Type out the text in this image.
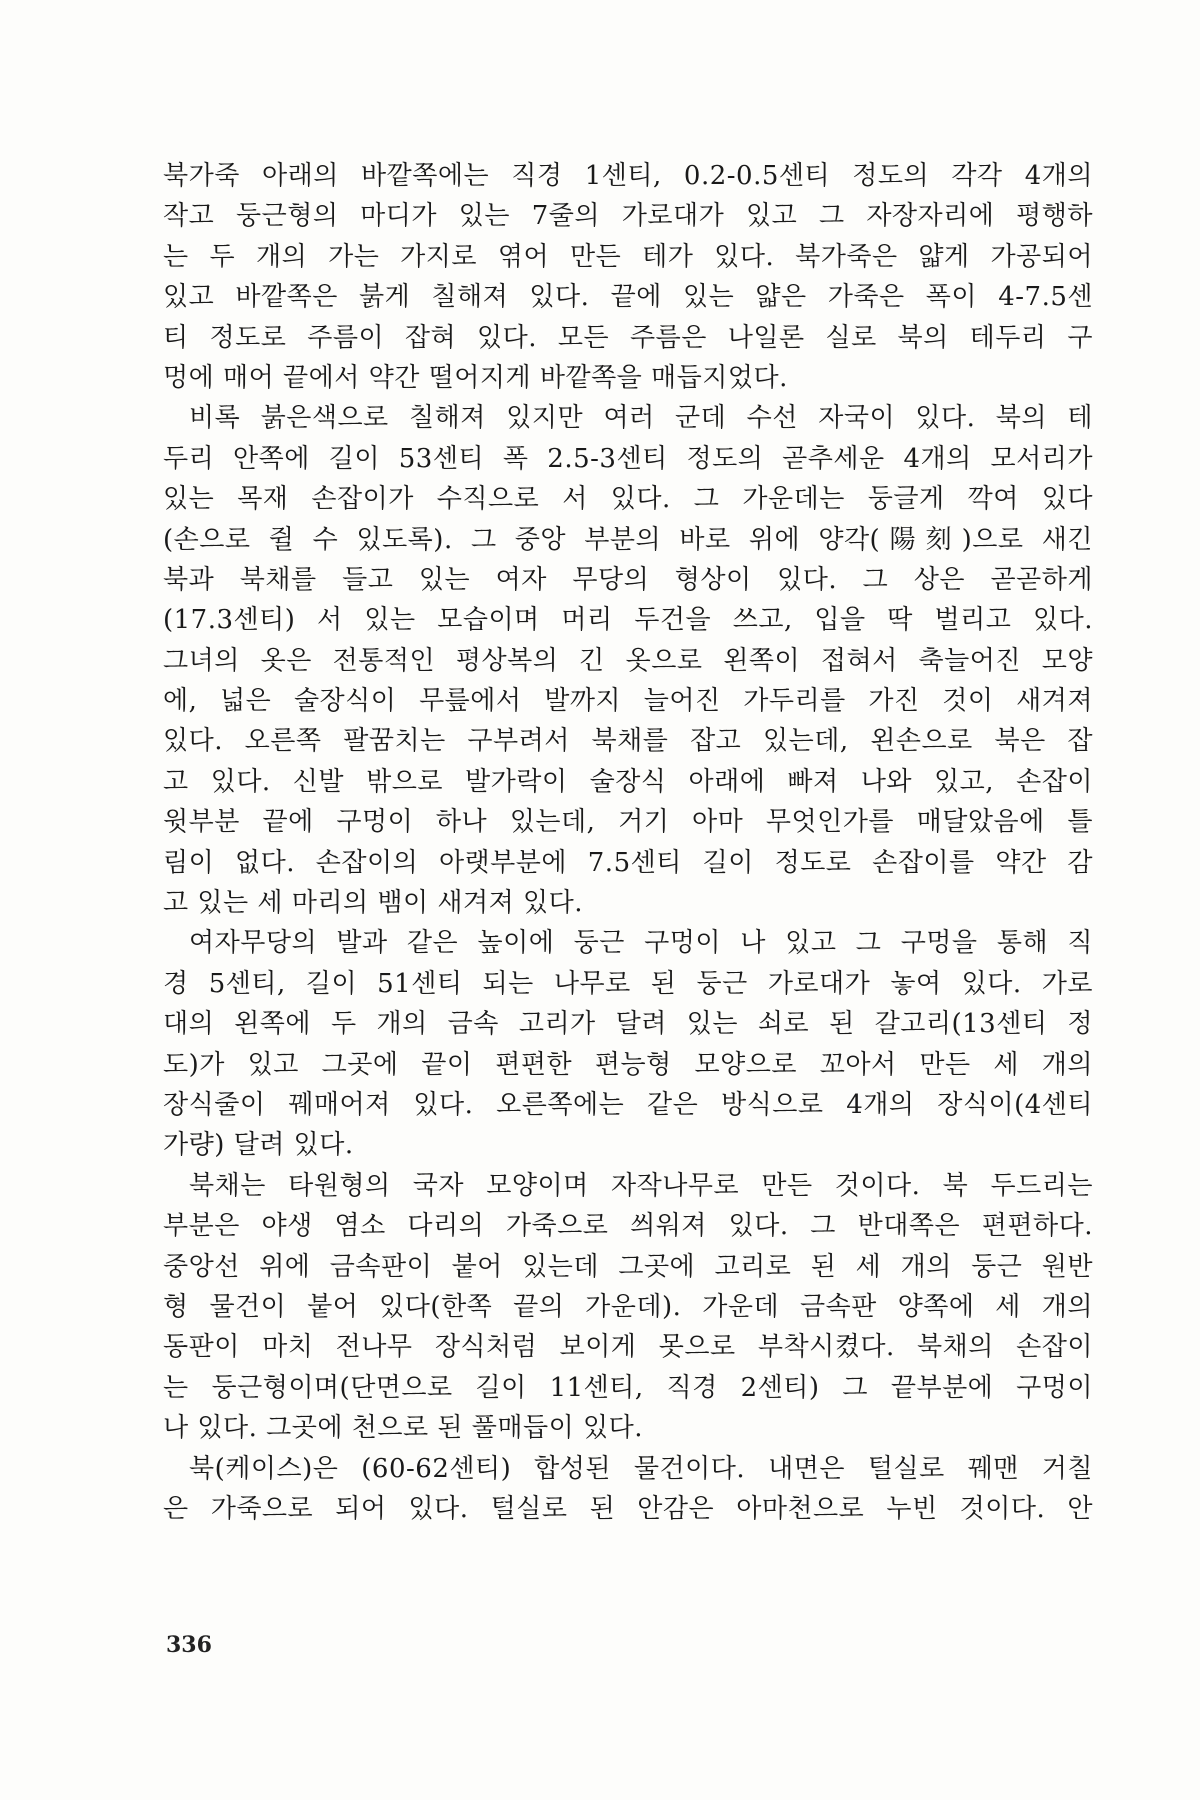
북가죽 아래의 바깥쪽에는 직경 1센티, 0.2-0.5센티 정도의 각각 4개의
작고 둥근형의 마디가 있는 7줄의 가로대가 있고 그 자장자리에 평행하
는 두 개의 가는 가지로 엮어 만든 테가 있다. 북가죽은 얇게 가공되어
있고 바깥쪽은 붉게 칠해져 있다. 끝에 있는 얇은 가죽은 폭이 4-7.5센
티 정도로 주름이 잡혀 있다. 모든 주름은 나일론 실로 북의 테두리 구
멍에 매어 끝에서 약간 떨어지게 바깥쪽을 매듭지었다.
비록 붉은색으로 칠해져 있지만 여러 군데 수선 자국이 있다. 북의 테
두리 안쪽에 길이 53센티 폭 2.5-3센티 정도의 곧추세운 4개의 모서리가
있는 목재 손잡이가 수직으로 서 있다. 그 가운데는 둥글게 깍여 있다
(손으로 쥘 수 있도록). 그 중앙 부분의 바로 위에 양각(陽刻)으로 새긴
북과 북채를 들고 있는 여자 무당의 형상이 있다. 그 상은 곧곧하게
(17.3센티) 서 있는 모습이며 머리 두건을 쓰고, 입을 딱 벌리고 있다.
그녀의 옷은 전통적인 평상복의 긴 옷으로 왼쪽이 접혀서 축늘어진 모양
에, 넓은 술장식이 무릎에서 발까지 늘어진 가두리를 가진 것이 새겨져
있다. 오른쪽 팔꿈치는 구부려서 북채를 잡고 있는데, 왼손으로 북은 잡
고 있다. 신발 밖으로 발가락이 술장식 아래에 빠져 나와 있고, 손잡이
윗부분 끝에 구멍이 하나 있는데, 거기 아마 무엇인가를 매달았음에 틀
림이 없다. 손잡이의 아랫부분에 7.5센티 길이 정도로 손잡이를 약간 감
고 있는 세 마리의 뱀이 새겨져 있다.
여자무당의 발과 같은 높이에 둥근 구멍이 나 있고 그 구멍을 통해 직
경 5센티, 길이 51센티 되는 나무로 된 둥근 가로대가 놓여 있다. 가로
대의 왼쪽에 두 개의 금속 고리가 달려 있는 쇠로 된 갈고리(13센티 정
도)가 있고 그곳에 끝이 편편한 편능형 모양으로 꼬아서 만든 세 개의
장식줄이 꿰매어져 있다. 오른쪽에는 같은 방식으로 4개의 장식이(4센티
가량) 달려 있다.
북채는 타원형의 국자 모양이며 자작나무로 만든 것이다. 북 두드리는
부분은 야생 염소 다리의 가죽으로 씌워져 있다. 그 반대쪽은 편편하다.
중앙선 위에 금속판이 붙어 있는데 그곳에 고리로 된 세 개의 둥근 원반
형 물건이 붙어 있다(한쪽 끝의 가운데). 가운데 금속판 양쪽에 세 개의
동판이 마치 전나무 장식처럼 보이게 못으로 부착시켰다. 북채의 손잡이
는 둥근형이며(단면으로 길이 11센티, 직경 2센티) 그 끝부분에 구멍이
나 있다. 그곳에 천으로 된 풀매듭이 있다.
북(케이스)은 (60-62센티) 합성된 물건이다. 내면은 털실로 꿰맨 거칠
은 가죽으로 되어 있다. 털실로 된 안감은 아마천으로 누빈 것이다. 안
336
